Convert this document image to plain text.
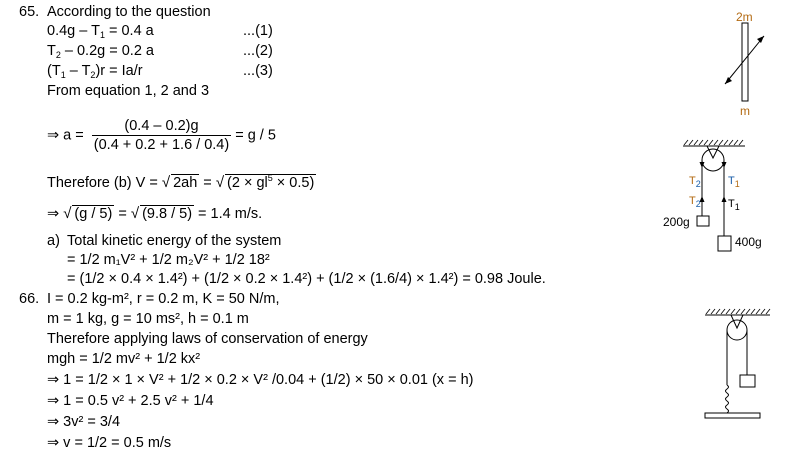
65. According to the question
$0.4g - T_1 = 0.4$ a	...(1)
$T_2 - 0.2g = 0.2$ a	...(2)
$(T_1 - T_2)r = Ia/r$	...(3)
From equation 1, 2 and 3
⇒ $a = \frac{(0.4 - 0.2)g}{(0.4 + 0.2 + 1.6 / 0.4)} = g / 5$
Therefore (b) V = √ 2ah = √ $(2 \times gl^5 \times 0.5)$
⇒ √ (g / 5) = √ (9.8 / 5) = 1.4 m/s.
a) Total kinetic energy of the system
= 1/2 m₁V² + 1/2 m₂V² + 1/2 18²
= (1/2 × 0.4 × 1.4²) + (1/2 × 0.2 × 1.4²) + (1/2 × (1.6/4) × 1.4²) = 0.98 Joule.
66. I = 0.2 kg-m², r = 0.2 m, K = 50 N/m,
m = 1 kg, g = 10 ms², h = 0.1 m
Therefore applying laws of conservation of energy
mgh = 1/2 mv² + 1/2 kx²
⇒ 1 = 1/2 × 1 × V² + 1/2 × 0.2 × V² /0.04 + (1/2) × 50 × 0.01 (x = h)
⇒ 1 = 0.5 v² + 2.5 v² + 1/4
⇒ 3v² = 3/4
⇒ v = 1/2 = 0.5 m/s
2m
m
$T_2$ $T_1$
$T_2$ $T_1$
200g
400g
